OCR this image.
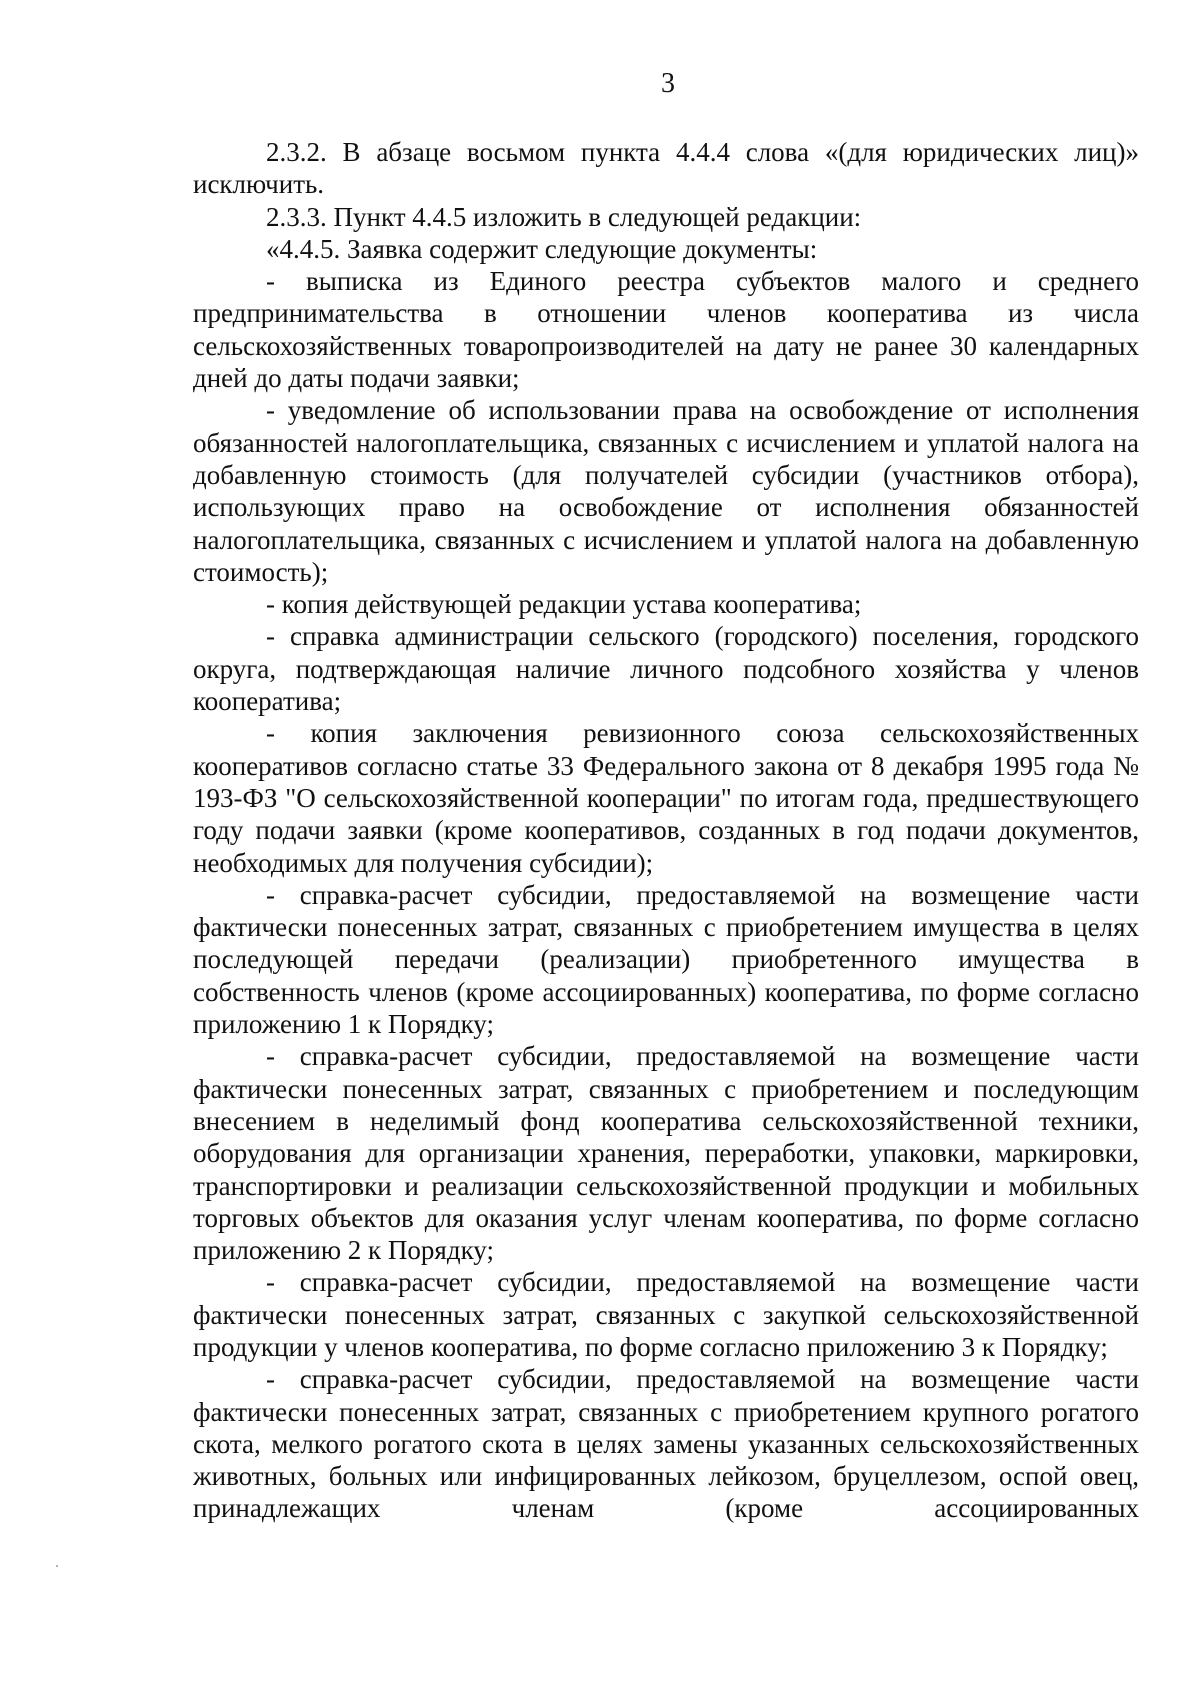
3

2.3.2. В абзаце восьмом пункта 4.4.4 слова «(для юридических лиц)» исключить.

2.3.3. Пункт 4.4.5 изложить в следующей редакции:

«4.4.5. Заявка содержит следующие документы:

- выписка из Единого реестра субъектов малого и среднего предпринимательства в отношении членов кооператива из числа сельскохозяйственных товаропроизводителей на дату не ранее 30 календарных дней до даты подачи заявки;

- уведомление об использовании права на освобождение от исполнения обязанностей налогоплательщика, связанных с исчислением и уплатой налога на добавленную стоимость (для получателей субсидии (участников отбора), использующих право на освобождение от исполнения обязанностей налогоплательщика, связанных с исчислением и уплатой налога на добавленную стоимость);

- копия действующей редакции устава кооператива;

- справка администрации сельского (городского) поселения, городского округа, подтверждающая наличие личного подсобного хозяйства у членов кооператива;

- копия заключения ревизионного союза сельскохозяйственных кооперативов согласно статье 33 Федерального закона от 8 декабря 1995 года № 193-ФЗ "О сельскохозяйственной кооперации" по итогам года, предшествующего году подачи заявки (кроме кооперативов, созданных в год подачи документов, необходимых для получения субсидии);

- справка-расчет субсидии, предоставляемой на возмещение части фактически понесенных затрат, связанных с приобретением имущества в целях последующей передачи (реализации) приобретенного имущества в собственность членов (кроме ассоциированных) кооператива, по форме согласно приложению 1 к Порядку;

- справка-расчет субсидии, предоставляемой на возмещение части фактически понесенных затрат, связанных с приобретением и последующим внесением в неделимый фонд кооператива сельскохозяйственной техники, оборудования для организации хранения, переработки, упаковки, маркировки, транспортировки и реализации сельскохозяйственной продукции и мобильных торговых объектов для оказания услуг членам кооператива, по форме согласно приложению 2 к Порядку;

- справка-расчет субсидии, предоставляемой на возмещение части фактически понесенных затрат, связанных с закупкой сельскохозяйственной продукции у членов кооператива, по форме согласно приложению 3 к Порядку;

- справка-расчет субсидии, предоставляемой на возмещение части фактически понесенных затрат, связанных с приобретением крупного рогатого скота, мелкого рогатого скота в целях замены указанных сельскохозяйственных животных, больных или инфицированных лейкозом, бруцеллезом, оспой овец, принадлежащих членам (кроме ассоциированных
